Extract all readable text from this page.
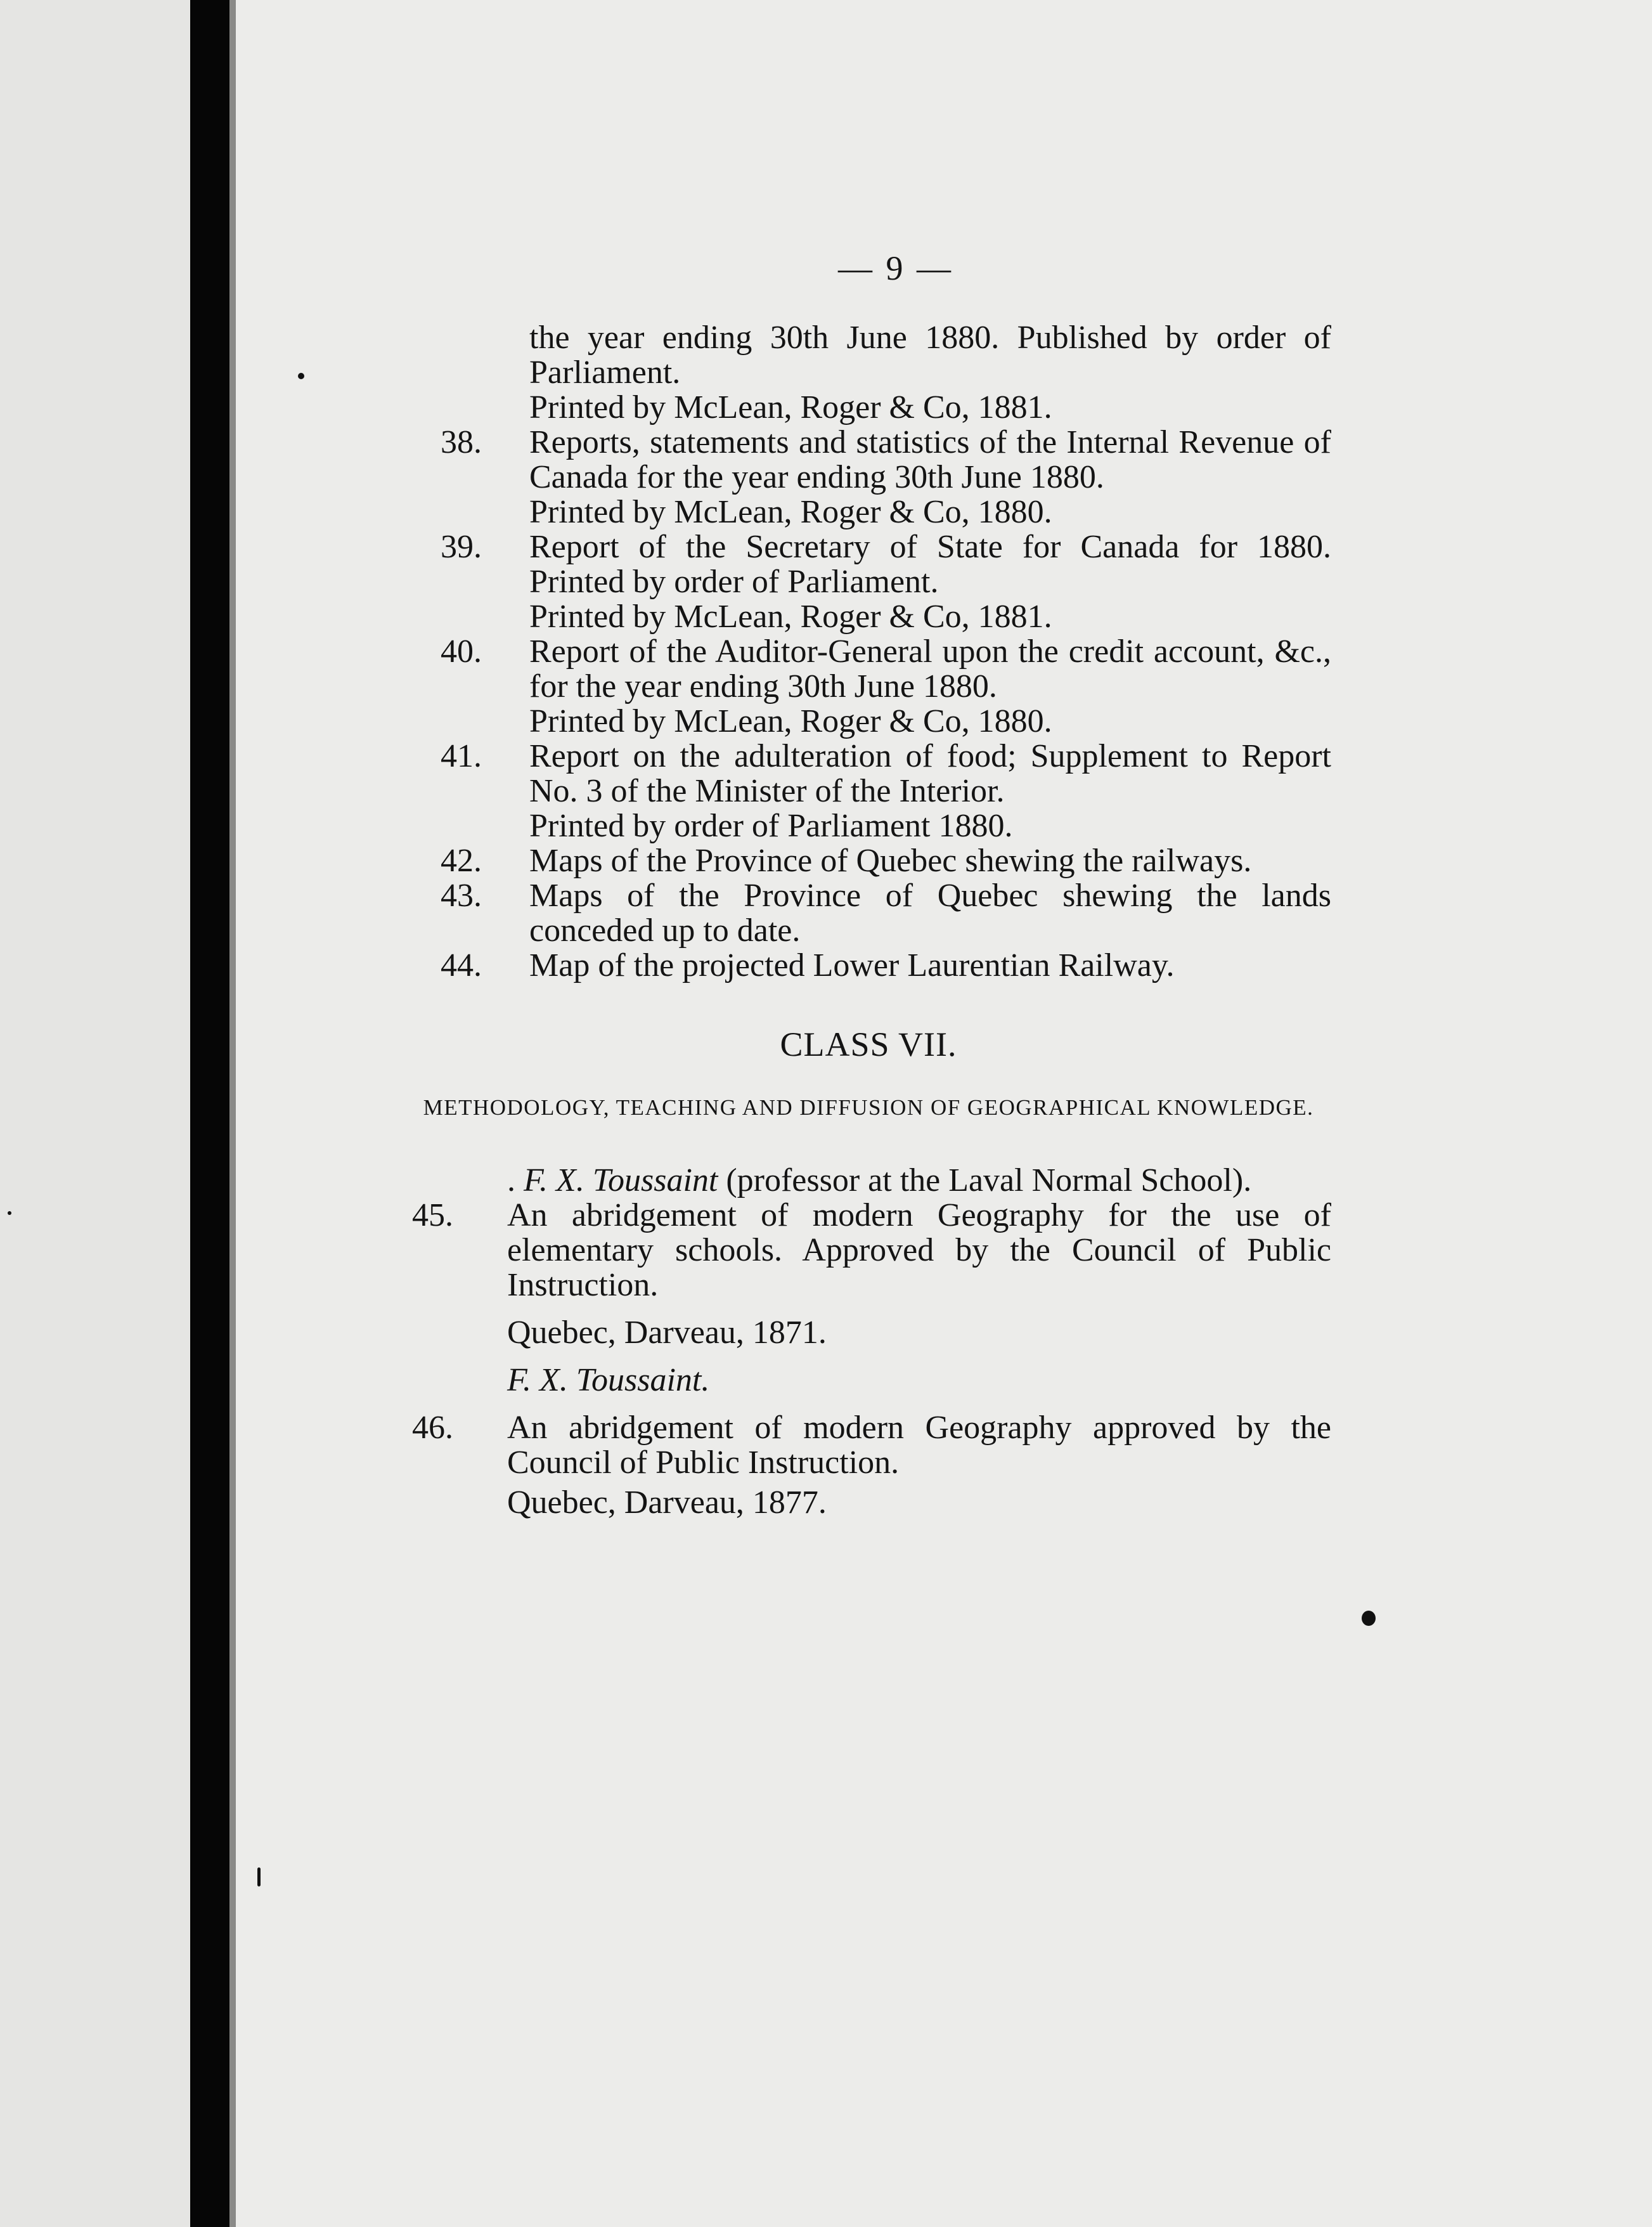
— 9 —
the year ending 30th June 1880. Published by order of Parliament.
Printed by McLean, Roger & Co, 1881.
38. Reports, statements and statistics of the Internal Revenue of Canada for the year ending 30th June 1880.
Printed by McLean, Roger & Co, 1880.
39. Report of the Secretary of State for Canada for 1880. Printed by order of Parliament.
Printed by McLean, Roger & Co, 1881.
40. Report of the Auditor-General upon the credit account, &c., for the year ending 30th June 1880.
Printed by McLean, Roger & Co, 1880.
41. Report on the adulteration of food; Supplement to Report No. 3 of the Minister of the Interior.
Printed by order of Parliament 1880.
42. Maps of the Province of Quebec shewing the railways.
43. Maps of the Province of Quebec shewing the lands conceded up to date.
44. Map of the projected Lower Laurentian Railway.
CLASS VII.
METHODOLOGY, TEACHING AND DIFFUSION OF GEOGRAPHICAL KNOWLEDGE.
. F. X. Toussaint (professor at the Laval Normal School).
45. An abridgement of modern Geography for the use of elementary schools. Approved by the Council of Public Instruction.
Quebec, Darveau, 1871.
F. X. Toussaint.
46. An abridgement of modern Geography approved by the Council of Public Instruction.
Quebec, Darveau, 1877.
